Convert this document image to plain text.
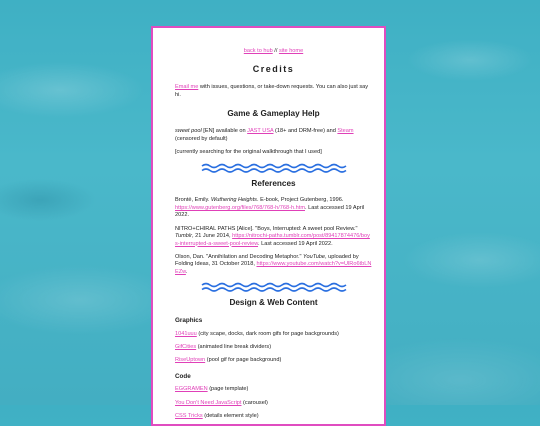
back to hub // site home
Credits

Email me with issues, questions, or take-down requests. You can also just say hi.

Game & Gameplay Help

sweet pool [EN] available on JAST USA (18+ and DRM-free) and Steam (censored by default)

[currently searching for the original walkthrough that I used]

References
Brontë, Emily. Wuthering Heights. E-book, Project Gutenberg, 1996. https://www.gutenberg.org/files/768/768-h/768-h.htm. Last accessed 19 April 2022.
NITRO+CHIRAL PATHS [Alice]. "Boys, Interrupted: A sweet pool Review." Tumblr, 21 June 2014, https://nitrochi-paths.tumblr.com/post/89417874476/boys-interrupted-a-sweet-pool-review. Last accessed 19 April 2022.
Olson, Dan. "Annihilation and Decoding Metaphor." YouTube, uploaded by Folding Ideas, 31 October 2018, https://www.youtube.com/watch?v=UlRo6tbLNEZw.
Design & Web Content
Graphics

1041uuu (city scape, docks, dark room gifs for page backgrounds)

GifCities (animated line break dividers)

RiseUptown (pool gif for page background)

Code

EGGRAMEN (page template)

You Don't Need JavaScript (carousel)

CSS Tricks (details element style)
